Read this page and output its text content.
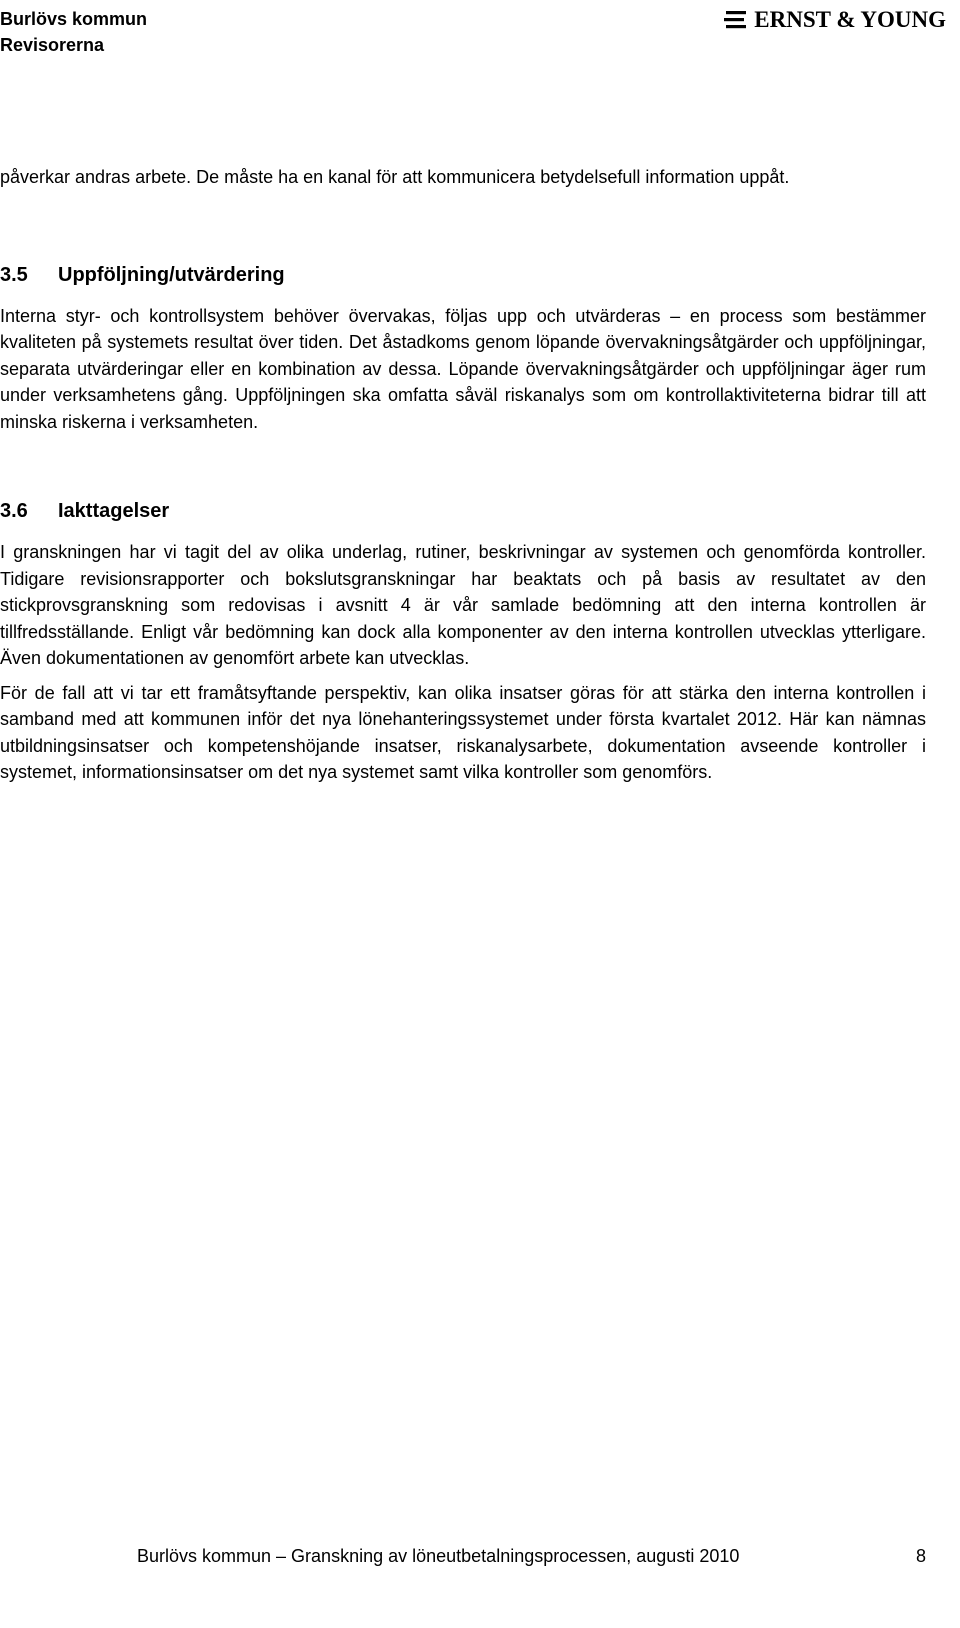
Burlövs kommun
Revisorerna
ERNST & YOUNG

påverkar andras arbete. De måste ha en kanal för att kommunicera betydelsefull information uppåt.

3.5 Uppföljning/utvärdering

Interna styr- och kontrollsystem behöver övervakas, följas upp och utvärderas – en process som bestämmer kvaliteten på systemets resultat över tiden. Det åstadkoms genom löpande övervakningsåtgärder och uppföljningar, separata utvärderingar eller en kombination av dessa. Löpande övervakningsåtgärder och uppföljningar äger rum under verksamhetens gång. Uppföljningen ska omfatta såväl riskanalys som om kontrollaktiviteterna bidrar till att minska riskerna i verksamheten.

3.6 Iakttagelser

I granskningen har vi tagit del av olika underlag, rutiner, beskrivningar av systemen och genomförda kontroller. Tidigare revisionsrapporter och bokslutsgranskningar har beaktats och på basis av resultatet av den stickprovsgranskning som redovisas i avsnitt 4 är vår samlade bedömning att den interna kontrollen är tillfredsställande. Enligt vår bedömning kan dock alla komponenter av den interna kontrollen utvecklas ytterligare. Även dokumentationen av genomfört arbete kan utvecklas.

För de fall att vi tar ett framåtsyftande perspektiv, kan olika insatser göras för att stärka den interna kontrollen i samband med att kommunen inför det nya lönehanteringssystemet under första kvartalet 2012. Här kan nämnas utbildningsinsatser och kompetenshöjande insatser, riskanalysarbete, dokumentation avseende kontroller i systemet, informationsinsatser om det nya systemet samt vilka kontroller som genomförs.

Burlövs kommun – Granskning av löneutbetalningsprocessen, augusti 2010	8
